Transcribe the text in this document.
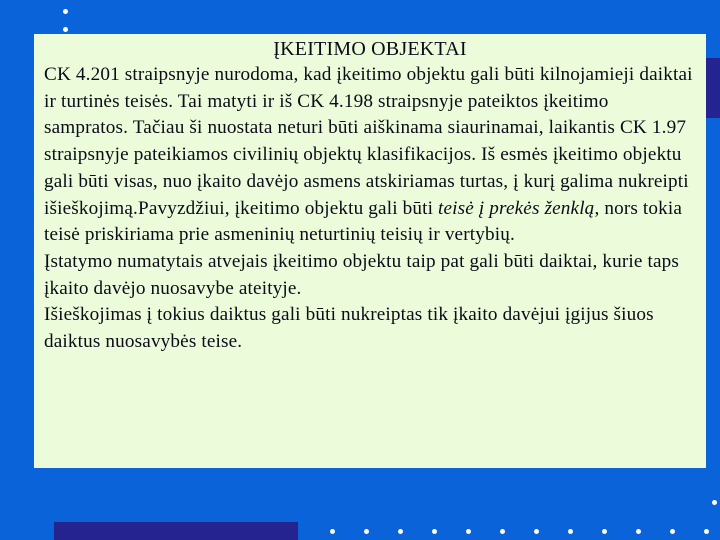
ĮKEITIMO OBJEKTAI

CK 4.201 straipsnyje nurodoma, kad įkeitimo objektu gali būti kilnojamieji daiktai ir turtinės teisės. Tai matyti ir iš CK 4.198 straipsnyje pateiktos įkeitimo sampratos. Tačiau ši nuostata neturi būti aiškinama siaurinamai, laikantis CK 1.97 straipsnyje pateikiamos civilinių objektų klasifikacijos. Iš esmės įkeitimo objektu gali būti visas, nuo įkaito davėjo asmens atskiriamas turtas, į kurį galima nukreipti išieškojimą.Pavyzdžiui, įkeitimo objektu gali būti teisė į prekės ženklą, nors tokia teisė priskiriama prie asmeninių neturtinių teisių ir vertybių.

Įstatymo numatytais atvejais įkeitimo objektu taip pat gali būti daiktai, kurie taps įkaito davėjo nuosavybe ateityje.

Išieškojimas į tokius daiktus gali būti nukreiptas tik įkaito davėjui įgijus šiuos daiktus nuosavybės teise.
